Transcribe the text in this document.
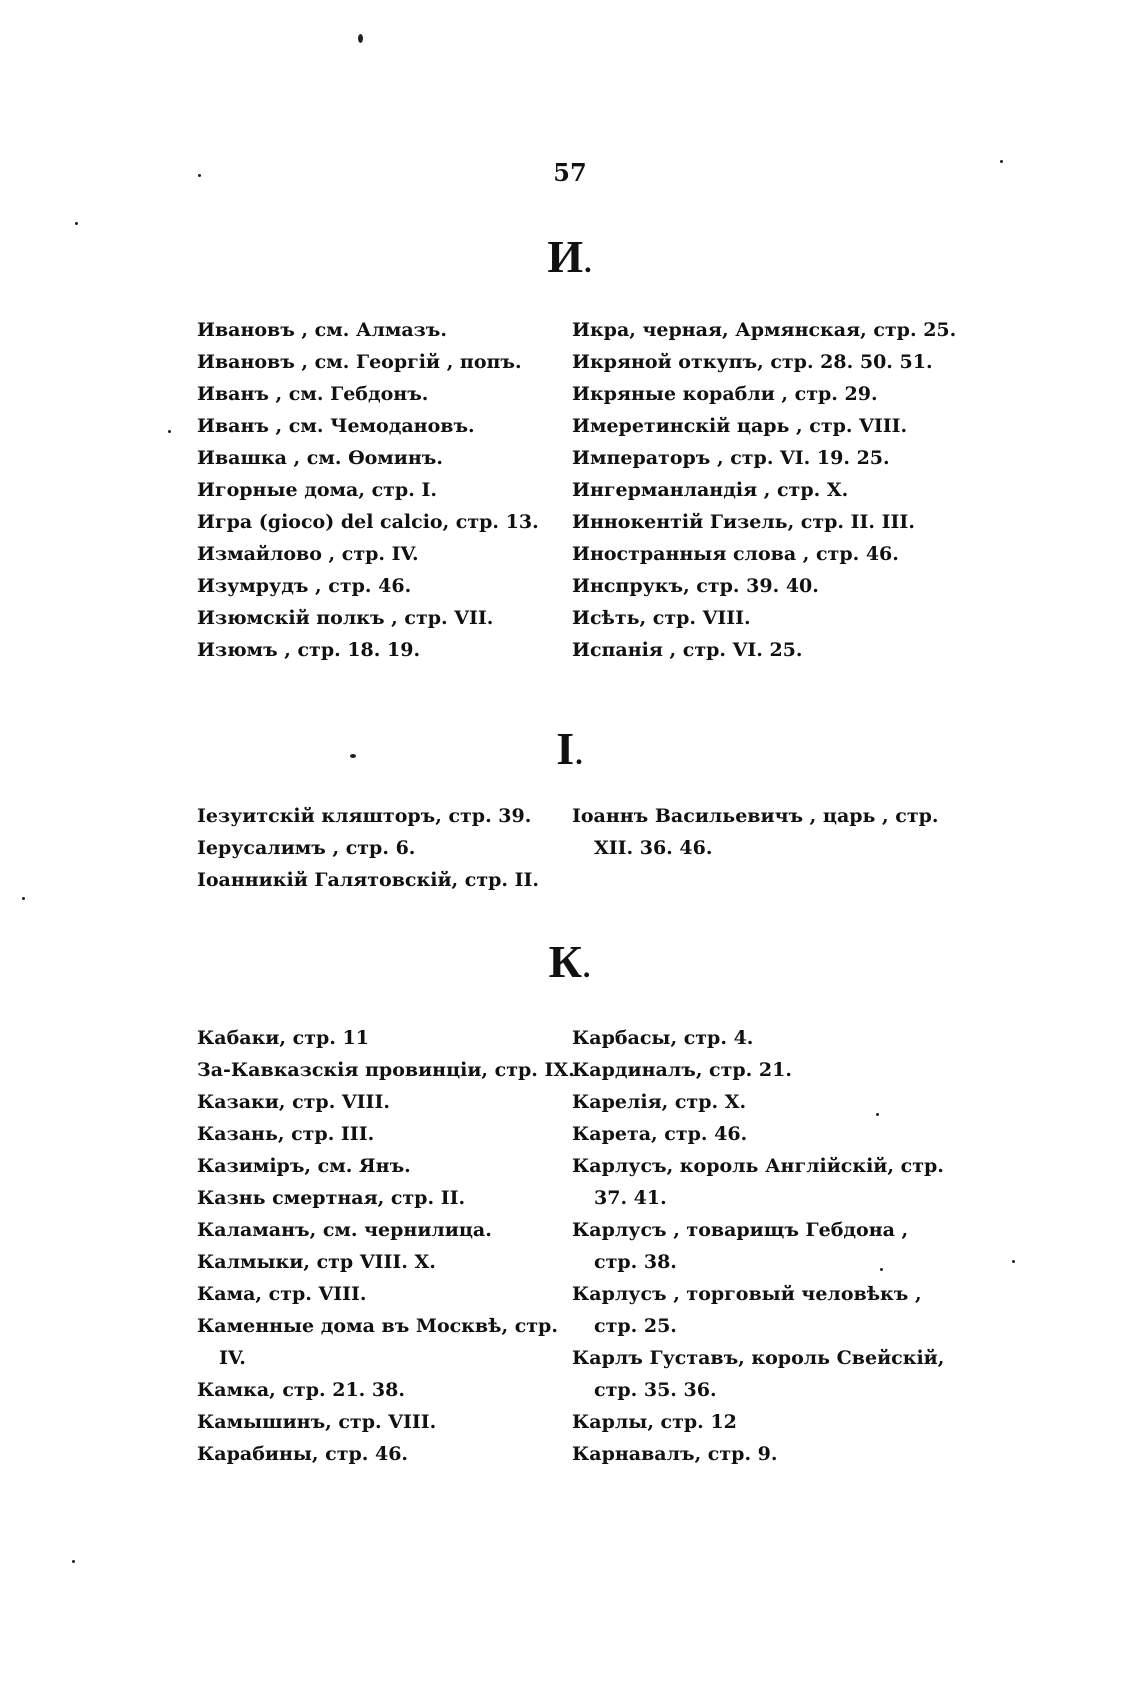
57
И.
Ивановъ , см. Алмазъ.
Ивановъ , см. Георгій , попъ.
Иванъ , см. Гебдонъ.
Иванъ , см. Чемодановъ.
Ивашка , см. Ѳоминъ.
Игорные дома, стр. I.
Игра (gioco) del calcio, стр. 13.
Измайлово , стр. IV.
Изумрудъ , стр. 46.
Изюмскій полкъ , стр. VII.
Изюмъ , стр. 18. 19.
Икра, черная, Армянская, стр. 25.
Икряной откупъ, стр. 28. 50. 51.
Икряные корабли , стр. 29.
Имеретинскій царь , стр. VIII.
Императоръ , стр. VI. 19. 25.
Ингерманландія , стр. X.
Иннокентій Гизель, стр. II. III.
Иностранныя слова , стр. 46.
Инспрукъ, стр. 39. 40.
Исѣть, стр. VIII.
Испанія , стр. VI. 25.
І.
Іезуитскій кляшторъ, стр. 39.
Іерусалимъ , стр. 6.
Іоанникій Галятовскій, стр. II.
Іоаннъ Васильевичъ , царь , стр.
XII. 36. 46.
К.
Кабаки, стр. 11
За-Кавказскія провинціи, стр. IX.
Казаки, стр. VIII.
Казань, стр. III.
Казиміръ, см. Янъ.
Казнь смертная, стр. II.
Каламанъ, см. чернилица.
Калмыки, стр VIII. X.
Кама, стр. VIII.
Каменные дома въ Москвѣ, стр.
IV.
Камка, стр. 21. 38.
Камышинъ, стр. VIII.
Карабины, стр. 46.
Карбасы, стр. 4.
Кардиналъ, стр. 21.
Карелія, стр. X.
Карета, стр. 46.
Карлусъ, король Англійскій, стр.
37. 41.
Карлусъ , товарищъ Гебдона ,
стр. 38.
Карлусъ , торговый человѣкъ ,
стр. 25.
Карлъ Густавъ, король Свейскій,
стр. 35. 36.
Карлы, стр. 12
Карнавалъ, стр. 9.
